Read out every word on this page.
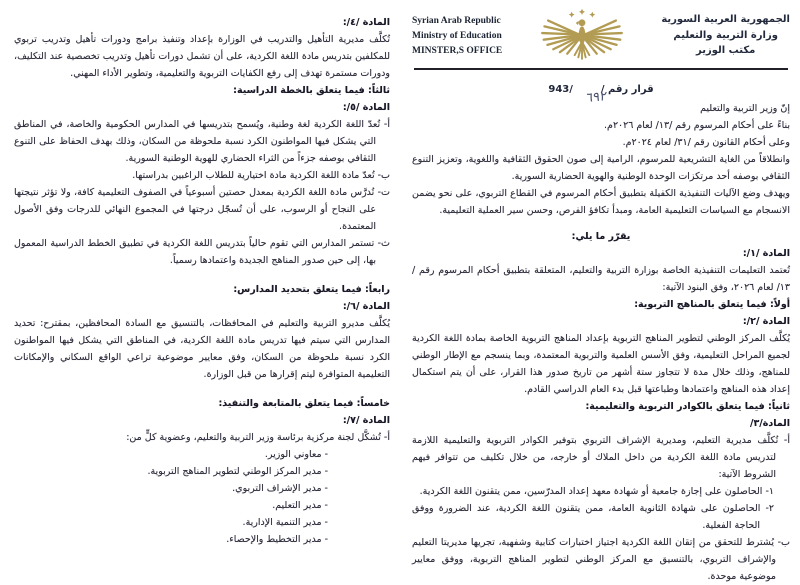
المادة /٤/:
تُكلَّف مديرية التأهيل والتدريب في الوزارة بإعداد وتنفيذ برامج ودورات تأهيل وتدريب تربوي للمكلفين بتدريس مادة اللغة الكردية، على أن تشمل دورات تأهيل وتدريب تخصصية عند التكليف، ودورات مستمرة تهدف إلى رفع الكفايات التربوية والتعليمية، وتطوير الأداء المهني.
ثالثاً: فيما يتعلق بالخطة الدراسية:
المادة /٥/:
أ- تُعدّ اللغة الكردية لغة وطنية، ويُسمح بتدريسها في المدارس الحكومية والخاصة، في المناطق التي يشكل فيها المواطنون الكرد نسبة ملحوظة من السكان، وذلك بهدف الحفاظ على التنوع الثقافي بوصفه جزءاً من الثراء الحضاري للهوية الوطنية السورية.
ب- تُعدّ مادة اللغة الكردية مادة اختيارية للطلاب الراغبين بدراستها.
ت- تُدرَّس مادة اللغة الكردية بمعدل حصتين أسبوعياً في الصفوف التعليمية كافة، ولا تؤثر نتيجتها على النجاح أو الرسوب، على أن تُسجّل درجتها في المجموع النهائي للدرجات وفق الأصول المعتمدة.
ث- تستمر المدارس التي تقوم حالياً بتدريس اللغة الكردية في تطبيق الخطط الدراسية المعمول بها، إلى حين صدور المناهج الجديدة واعتمادها رسمياً.
رابعاً: فيما يتعلق بتحديد المدارس:
المادة /٦/:
يُكلَّف مديرو التربية والتعليم في المحافظات، بالتنسيق مع السادة المحافظين، بمقترح: تحديد المدارس التي سيتم فيها تدريس مادة اللغة الكردية، في المناطق التي يشكل فيها المواطنون الكرد نسبة ملحوظة من السكان، وفق معايير موضوعية تراعي الواقع السكاني والإمكانات التعليمية المتوافرة ليتم إقرارها من قبل الوزارة.
خامساً: فيما يتعلق بالمتابعة والتنفيذ:
المادة /٧/:
أ- تُشكَّل لجنة مركزية برئاسة وزير التربية والتعليم، وعضوية كلٍّ من:
- معاوني الوزير.
- مدير المركز الوطني لتطوير المناهج التربوية.
- مدير الإشراف التربوي.
- مدير التعليم.
- مدير التنمية الإدارية.
- مدير التخطيط والإحصاء.
Syrian Arab Republic
Ministry of Education
MINSTER,S OFFICE
الجمهورية العربية السورية
وزارة التربية والتعليم
مكتب الوزير
943/	قرار رقم /
٦٩٢
إنّ وزير التربية والتعليم
بناءً على أحكام المرسوم رقم /١٣/ لعام ٢٠٢٦م.
وعلى أحكام القانون رقم /٣١/ لعام ٢٠٢٤م.
وانطلاقاً من الغاية التشريعية للمرسوم، الرامية إلى صون الحقوق الثقافية واللغوية، وتعزيز التنوع الثقافي بوصفه أحد مرتكزات الوحدة الوطنية والهوية الحضارية السورية.
ويهدف وضع الآليات التنفيذية الكفيلة بتطبيق أحكام المرسوم في القطاع التربوي، على نحو يضمن الانسجام مع السياسات التعليمية العامة، ومبدأ تكافؤ الفرص، وحسن سير العملية التعليمية.
يقرّر ما يلي:
المادة /١/:
تُعتمد التعليمات التنفيذية الخاصة بوزارة التربية والتعليم، المتعلقة بتطبيق أحكام المرسوم رقم /١٣/ لعام ٢٠٢٦، وفق البنود الآتية:
أولاً: فيما يتعلق بالمناهج التربوية:
المادة /٢/:
يُكلَّف المركز الوطني لتطوير المناهج التربوية بإعداد المناهج التربوية الخاصة بمادة اللغة الكردية لجميع المراحل التعليمية، وفق الأسس العلمية والتربوية المعتمدة، وبما ينسجم مع الإطار الوطني للمناهج، وذلك خلال مدة لا تتجاوز ستة أشهر من تاريخ صدور هذا القرار، على أن يتم استكمال إعداد هذه المناهج واعتمادها وطباعتها قبل بدء العام الدراسي القادم.
ثانياً: فيما يتعلق بالكوادر التربوية والتعليمية:
المادة/٣/
أ- تُكلَّف مديرية التعليم، ومديرية الإشراف التربوي بتوفير الكوادر التربوية والتعليمية اللازمة لتدريس مادة اللغة الكردية من داخل الملاك أو خارجه، من خلال تكليف من تتوافر فيهم الشروط الآتية:
١- الحاصلون على إجازة جامعية أو شهادة معهد إعداد المدرّسين، ممن يتقنون اللغة الكردية.
٢- الحاصلون على شهادة الثانوية العامة، ممن يتقنون اللغة الكردية، عند الضرورة ووفق الحاجة الفعلية.
ب- يُشترط للتحقق من إتقان اللغة الكردية اجتياز اختبارات كتابية وشفهية، تجريها مديريتا التعليم والإشراف التربوي، بالتنسيق مع المركز الوطني لتطوير المناهج التربوية، ووفق معايير موضوعية موحدة.
